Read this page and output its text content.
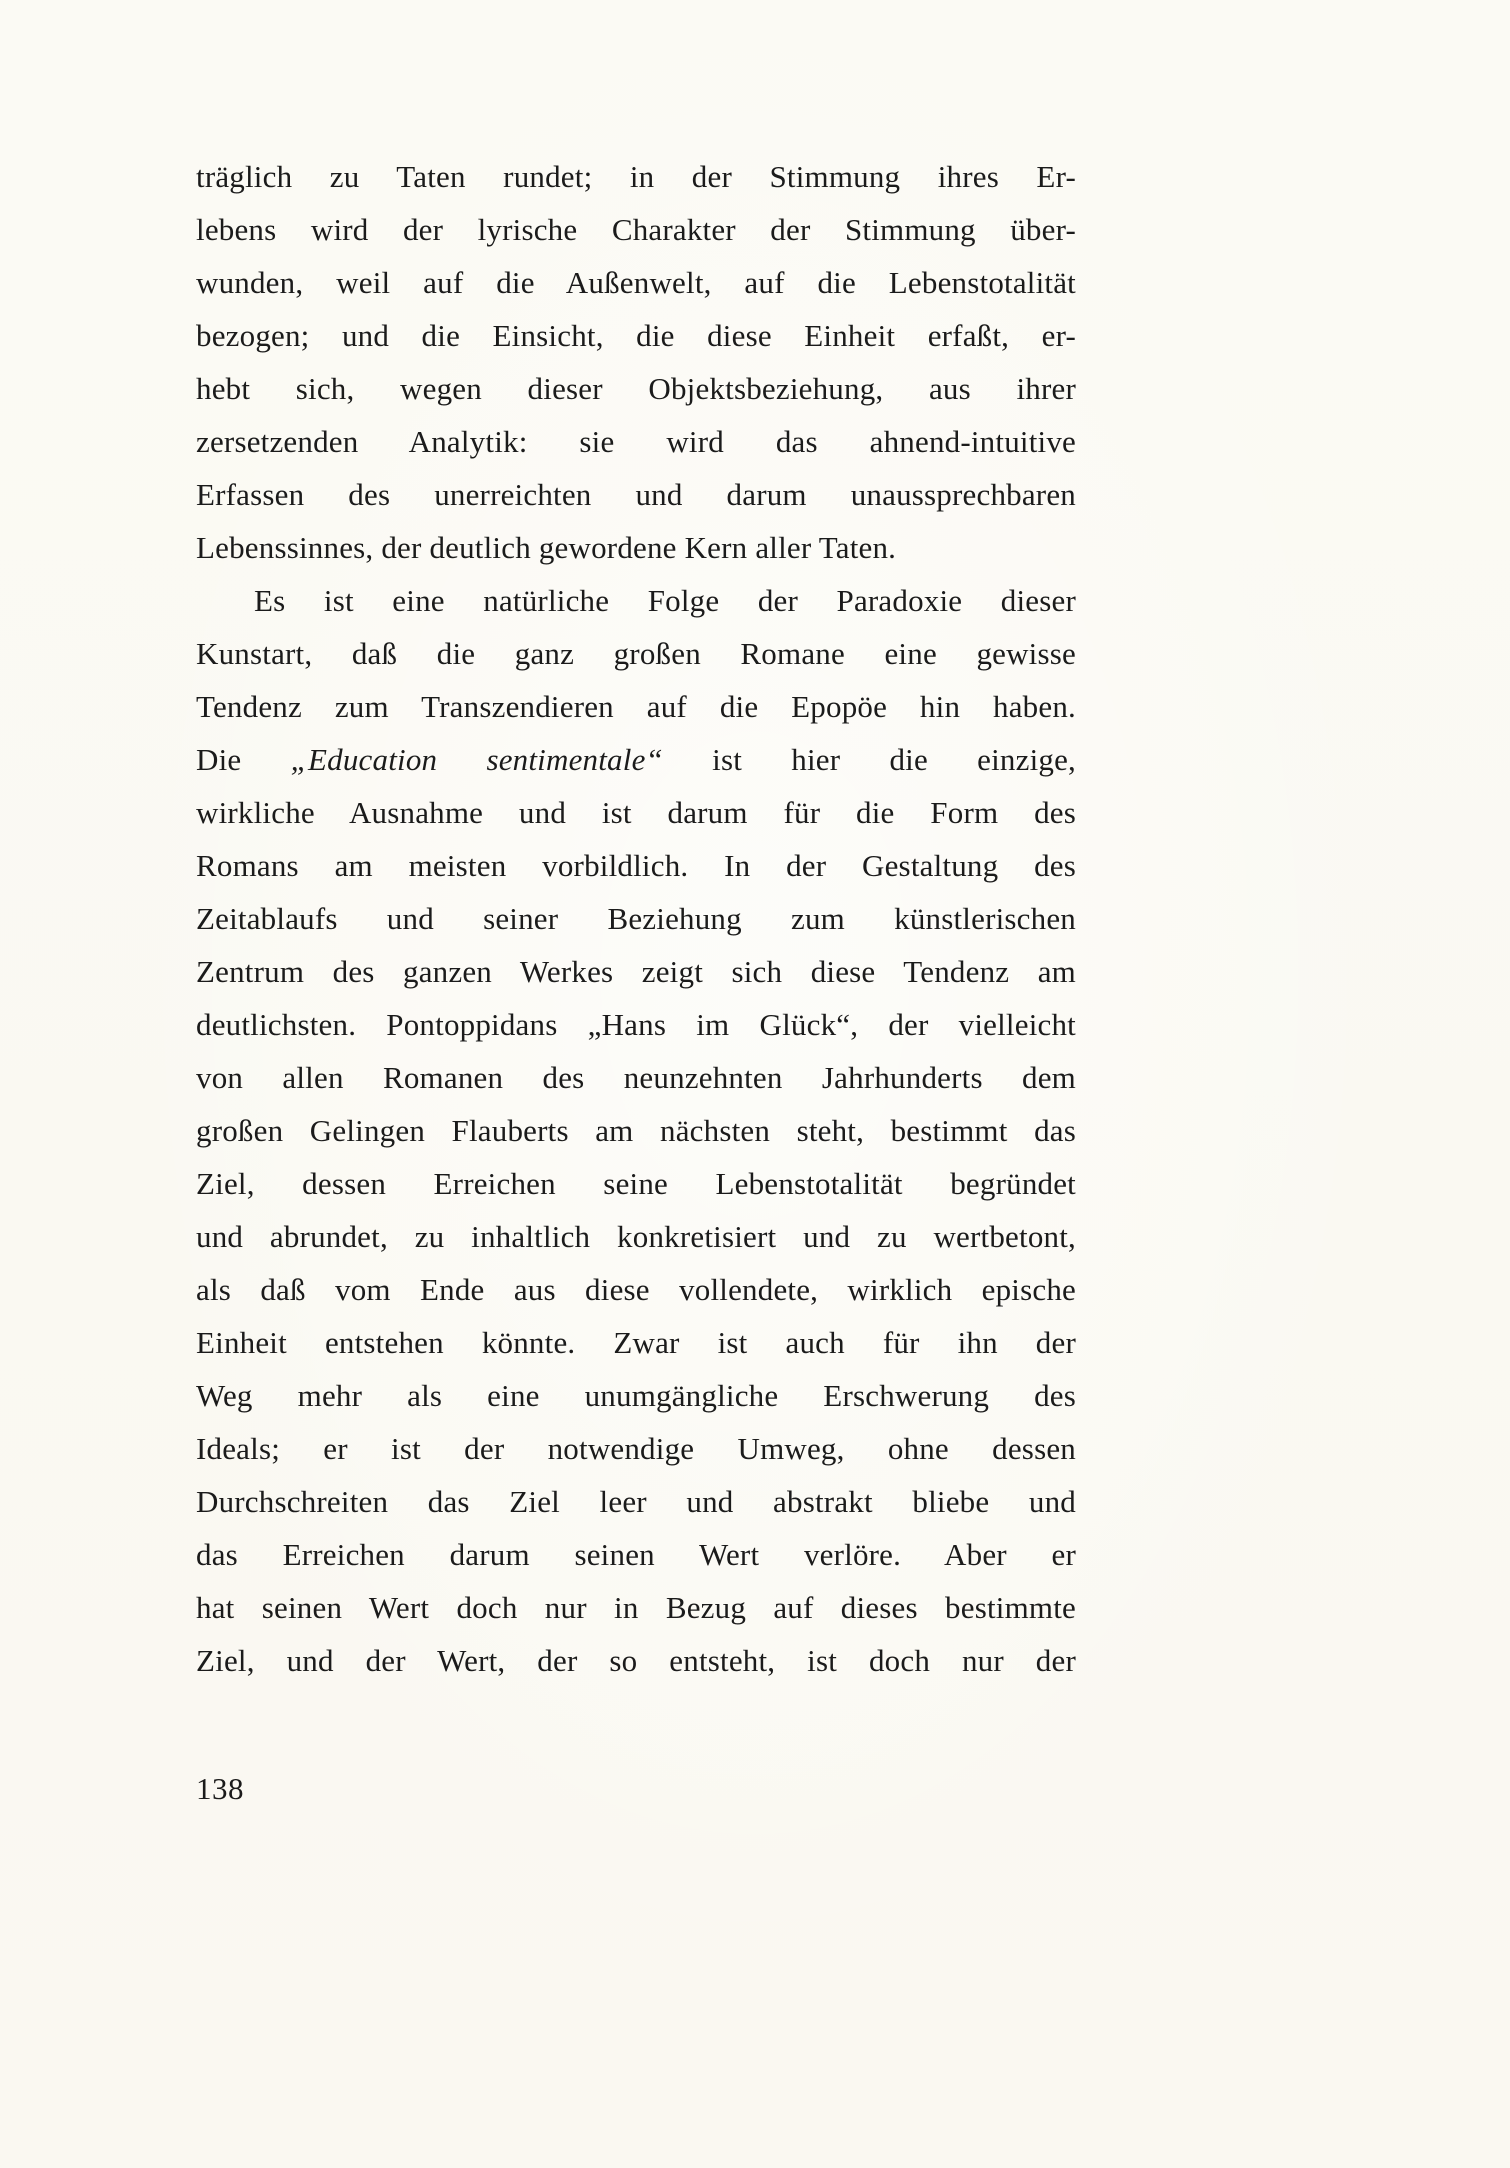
träglich zu Taten rundet; in der Stimmung ihres Er-
lebens wird der lyrische Charakter der Stimmung über-
wunden, weil auf die Außenwelt, auf die Lebenstotalität
bezogen; und die Einsicht, die diese Einheit erfaßt, er-
hebt sich, wegen dieser Objektsbeziehung, aus ihrer
zersetzenden Analytik: sie wird das ahnend-intuitive
Erfassen des unerreichten und darum unaussprechbaren
Lebenssinnes, der deutlich gewordene Kern aller Taten.
Es ist eine natürliche Folge der Paradoxie dieser
Kunstart, daß die ganz großen Romane eine gewisse
Tendenz zum Transzendieren auf die Epopöe hin haben.
Die „Education sentimentale“ ist hier die einzige,
wirkliche Ausnahme und ist darum für die Form des
Romans am meisten vorbildlich. In der Gestaltung des
Zeitablaufs und seiner Beziehung zum künstlerischen
Zentrum des ganzen Werkes zeigt sich diese Tendenz am
deutlichsten. Pontoppidans „Hans im Glück“, der vielleicht
von allen Romanen des neunzehnten Jahrhunderts dem
großen Gelingen Flauberts am nächsten steht, bestimmt das
Ziel, dessen Erreichen seine Lebenstotalität begründet
und abrundet, zu inhaltlich konkretisiert und zu wertbetont,
als daß vom Ende aus diese vollendete, wirklich epische
Einheit entstehen könnte. Zwar ist auch für ihn der
Weg mehr als eine unumgängliche Erschwerung des
Ideals; er ist der notwendige Umweg, ohne dessen
Durchschreiten das Ziel leer und abstrakt bliebe und
das Erreichen darum seinen Wert verlöre. Aber er
hat seinen Wert doch nur in Bezug auf dieses bestimmte
Ziel, und der Wert, der so entsteht, ist doch nur der
138
